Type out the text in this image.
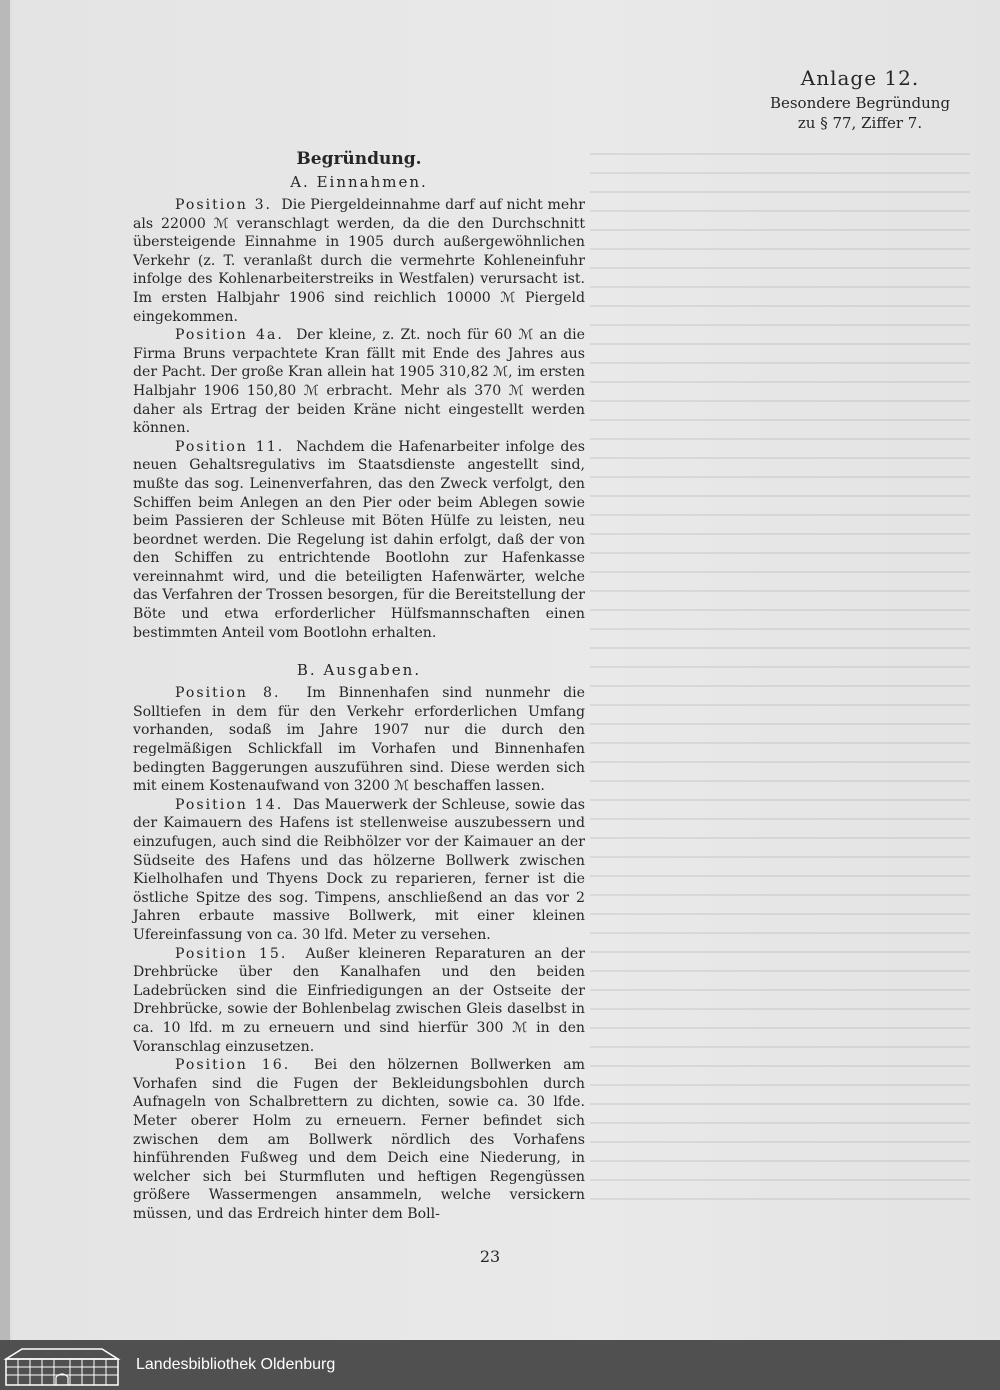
Anlage 12.
Besondere Begründung
zu § 77, Ziffer 7.
Begründung.
A. Einnahmen.

Position 3. Die Piergeldeinnahme darf auf nicht mehr als 22000 ℳ veranschlagt werden, da die den Durchschnitt übersteigende Einnahme in 1905 durch außergewöhnlichen Verkehr (z. T. veranlaßt durch die vermehrte Kohleneinfuhr infolge des Kohlenarbeiterstreiks in Westfalen) verursacht ist. Im ersten Halbjahr 1906 sind reichlich 10000 ℳ Piergeld eingekommen.

Position 4a. Der kleine, z. Zt. noch für 60 ℳ an die Firma Bruns verpachtete Kran fällt mit Ende des Jahres aus der Pacht. Der große Kran allein hat 1905 310,82 ℳ, im ersten Halbjahr 1906 150,80 ℳ erbracht. Mehr als 370 ℳ werden daher als Ertrag der beiden Kräne nicht eingestellt werden können.

Position 11. Nachdem die Hafenarbeiter infolge des neuen Gehaltsregulativs im Staatsdienste angestellt sind, mußte das sog. Leinenverfahren, das den Zweck verfolgt, den Schiffen beim Anlegen an den Pier oder beim Ablegen sowie beim Passieren der Schleuse mit Böten Hülfe zu leisten, neu beordnet werden. Die Regelung ist dahin erfolgt, daß der von den Schiffen zu entrichtende Bootlohn zur Hafenkasse vereinnahmt wird, und die beteiligten Hafenwärter, welche das Verfahren der Trossen besorgen, für die Bereitstellung der Böte und etwa erforderlicher Hülfsmannschaften einen bestimmten Anteil vom Bootlohn erhalten.

B. Ausgaben.

Position 8. Im Binnenhafen sind nunmehr die Solltiefen in dem für den Verkehr erforderlichen Umfang vorhanden, sodaß im Jahre 1907 nur die durch den regelmäßigen Schlickfall im Vorhafen und Binnenhafen bedingten Baggerungen auszuführen sind. Diese werden sich mit einem Kostenaufwand von 3200 ℳ beschaffen lassen.

Position 14. Das Mauerwerk der Schleuse, sowie das der Kaimauern des Hafens ist stellenweise auszubessern und einzufugen, auch sind die Reibhölzer vor der Kaimauer an der Südseite des Hafens und das hölzerne Bollwerk zwischen Kielholhafen und Thyens Dock zu reparieren, ferner ist die östliche Spitze des sog. Timpens, anschließend an das vor 2 Jahren erbaute massive Bollwerk, mit einer kleinen Ufereinfassung von ca. 30 lfd. Meter zu versehen.

Position 15. Außer kleineren Reparaturen an der Drehbrücke über den Kanalhafen und den beiden Ladebrücken sind die Einfriedigungen an der Ostseite der Drehbrücke, sowie der Bohlenbelag zwischen Gleis daselbst in ca. 10 lfd. m zu erneuern und sind hierfür 300 ℳ in den Voranschlag einzusetzen.

Position 16. Bei den hölzernen Bollwerken am Vorhafen sind die Fugen der Bekleidungsbohlen durch Aufnageln von Schalbrettern zu dichten, sowie ca. 30 lfde. Meter oberer Holm zu erneuern. Ferner befindet sich zwischen dem am Bollwerk nördlich des Vorhafens hinführenden Fußweg und dem Deich eine Niederung, in welcher sich bei Sturmfluten und heftigen Regengüssen größere Wassermengen ansammeln, welche versickern müssen, und das Erdreich hinter dem Boll-

23
Landesbibliothek Oldenburg
